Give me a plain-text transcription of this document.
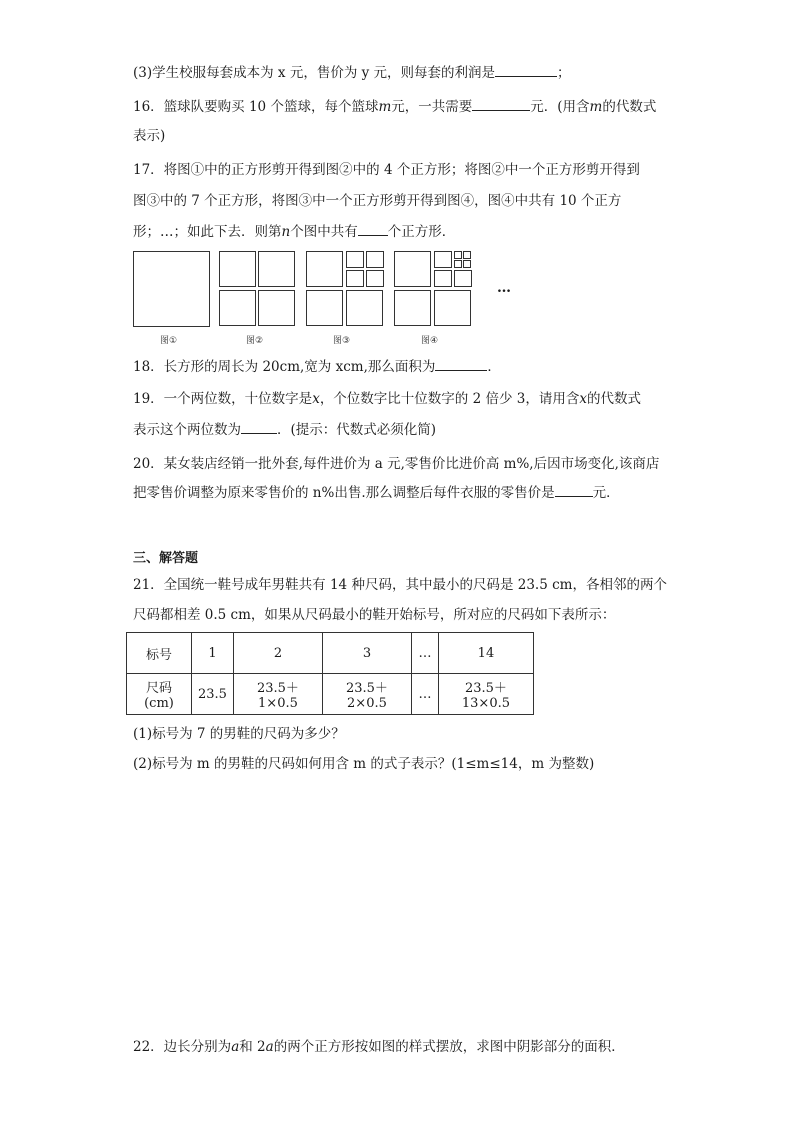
(3)学生校服每套成本为 x 元，售价为 y 元，则每套的利润是	；
16．篮球队要购买 10 个篮球，每个篮球m元，一共需要	元．(用含m的代数式
表示)
17．将图①中的正方形剪开得到图②中的 4 个正方形；将图②中一个正方形剪开得到
图③中的 7 个正方形，将图③中一个正方形剪开得到图④，图④中共有 10 个正方
形；…；如此下去．则第n个图中共有 个正方形．
…
图①	图②	图③	图④
18．长方形的周长为 20cm,宽为 xcm,那么面积为	．
19．一个两位数，十位数字是x，个位数字比十位数字的 2 倍少 3，请用含x的代数式
表示这个两位数为	．(提示：代数式必须化简)
20．某女装店经销一批外套,每件进价为 a 元,零售价比进价高 m%,后因市场变化,该商店
把零售价调整为原来零售价的 n%出售.那么调整后每件衣服的零售价是	元．
三、解答题
21．全国统一鞋号成年男鞋共有 14 种尺码，其中最小的尺码是 23.5 cm，各相邻的两个
尺码都相差 0.5 cm，如果从尺码最小的鞋开始标号，所对应的尺码如下表所示：
标号	1	2	3	…	14
尺码(cm)	23.5	23.5＋1×0.5	23.5＋2×0.5	…	23.5＋13×0.5
(1)标号为 7 的男鞋的尺码为多少？
(2)标号为 m 的男鞋的尺码如何用含 m 的式子表示？(1≤m≤14，m 为整数)
22．边长分别为a和 2a的两个正方形按如图的样式摆放，求图中阴影部分的面积．
